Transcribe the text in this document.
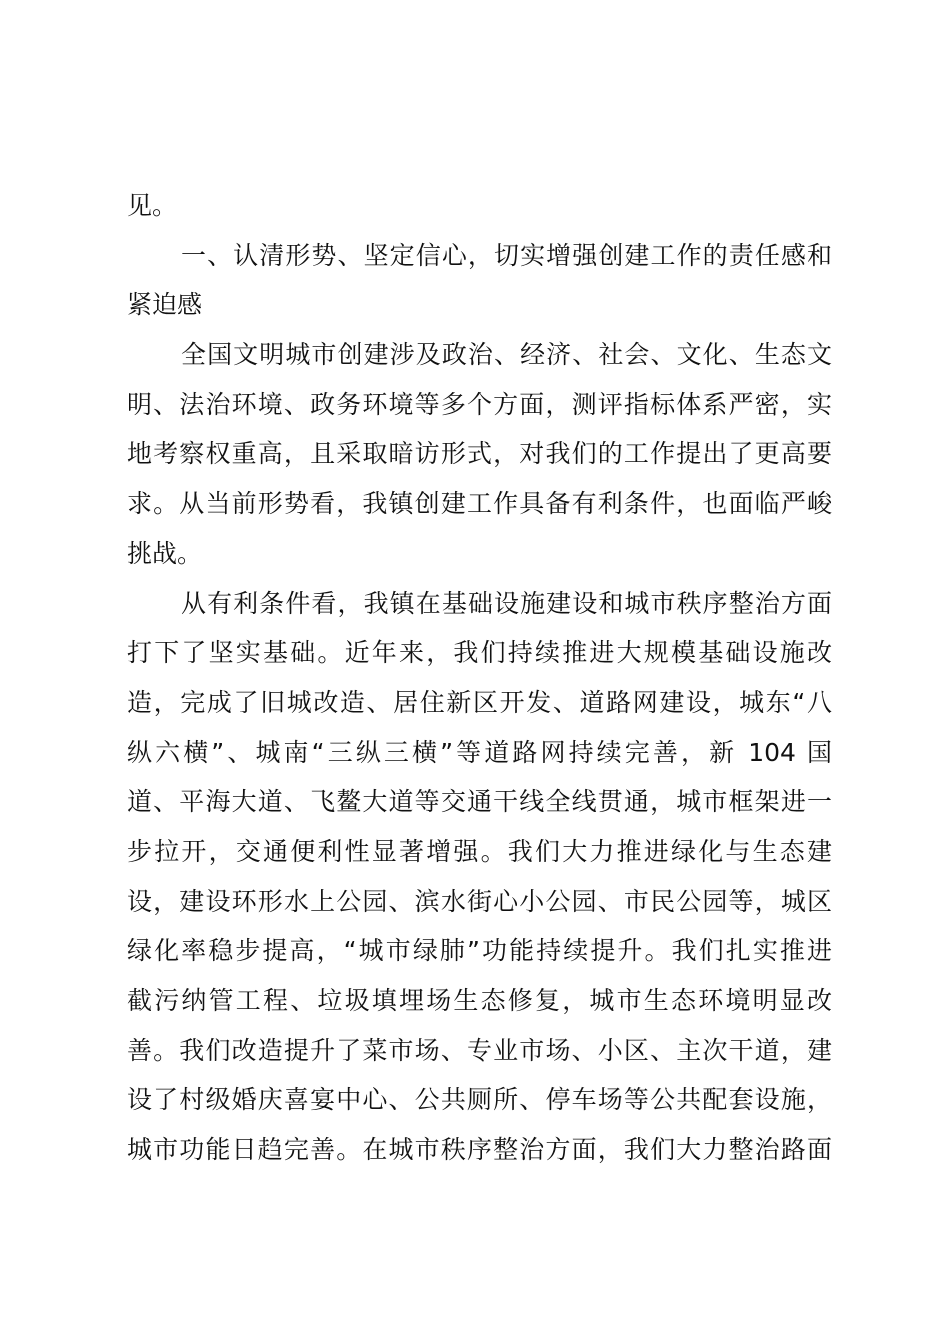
见。
一、认清形势、坚定信心，切实增强创建工作的责任感和
紧迫感
全国文明城市创建涉及政治、经济、社会、文化、生态文
明、法治环境、政务环境等多个方面，测评指标体系严密，实
地考察权重高，且采取暗访形式，对我们的工作提出了更高要
求。从当前形势看，我镇创建工作具备有利条件，也面临严峻
挑战。
从有利条件看，我镇在基础设施建设和城市秩序整治方面
打下了坚实基础。近年来，我们持续推进大规模基础设施改
造，完成了旧城改造、居住新区开发、道路网建设，城东“八
纵六横”、城南“三纵三横”等道路网持续完善，新 104 国
道、平海大道、飞鳌大道等交通干线全线贯通，城市框架进一
步拉开，交通便利性显著增强。我们大力推进绿化与生态建
设，建设环形水上公园、滨水街心小公园、市民公园等，城区
绿化率稳步提高，“城市绿肺”功能持续提升。我们扎实推进
截污纳管工程、垃圾填埋场生态修复，城市生态环境明显改
善。我们改造提升了菜市场、专业市场、小区、主次干道，建
设了村级婚庆喜宴中心、公共厕所、停车场等公共配套设施，
城市功能日趋完善。在城市秩序整治方面，我们大力整治路面
